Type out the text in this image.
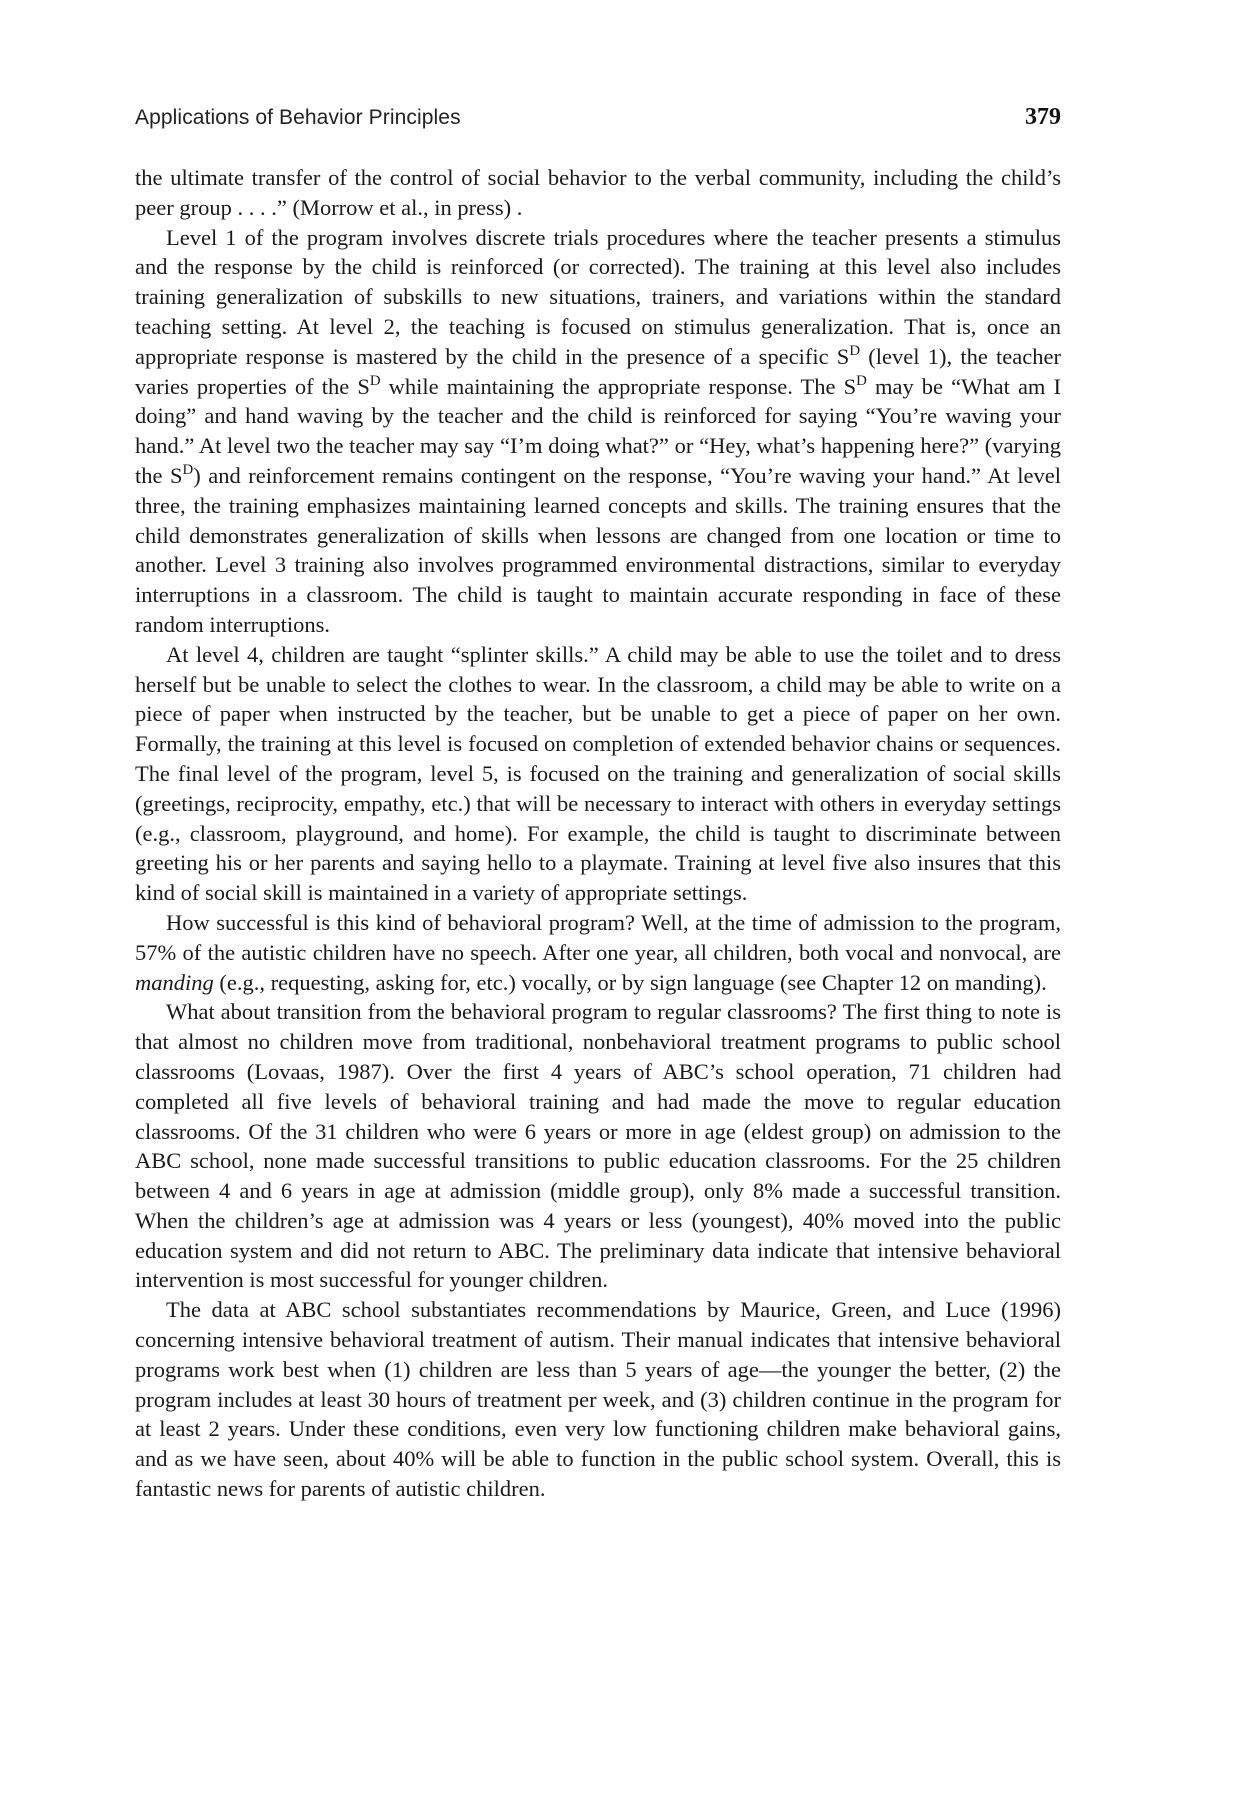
Applications of Behavior Principles	379

the ultimate transfer of the control of social behavior to the verbal community, including the child’s peer group . . . .” (Morrow et al., in press) .

Level 1 of the program involves discrete trials procedures where the teacher presents a stimulus and the response by the child is reinforced (or corrected). The training at this level also includes training generalization of subskills to new situations, trainers, and variations within the standard teaching setting. At level 2, the teaching is focused on stimulus generalization. That is, once an appropriate response is mastered by the child in the presence of a specific $S^D$ (level 1), the teacher varies properties of the $S^D$ while maintaining the appropriate response. The $S^D$ may be “What am I doing” and hand waving by the teacher and the child is reinforced for saying “You’re waving your hand.” At level two the teacher may say “I’m doing what?” or “Hey, what’s happening here?” (varying the $S^D$) and reinforcement remains contingent on the response, “You’re waving your hand.” At level three, the training emphasizes maintaining learned concepts and skills. The training ensures that the child demonstrates generalization of skills when lessons are changed from one location or time to another. Level 3 training also involves programmed environmental distractions, similar to everyday interruptions in a classroom. The child is taught to maintain accurate responding in face of these random interruptions.

At level 4, children are taught “splinter skills.” A child may be able to use the toilet and to dress herself but be unable to select the clothes to wear. In the classroom, a child may be able to write on a piece of paper when instructed by the teacher, but be unable to get a piece of paper on her own. Formally, the training at this level is focused on completion of extended behavior chains or sequences. The final level of the program, level 5, is focused on the training and generalization of social skills (greetings, reciprocity, empathy, etc.) that will be necessary to interact with others in everyday settings (e.g., classroom, playground, and home). For example, the child is taught to discriminate between greeting his or her parents and saying hello to a playmate. Training at level five also insures that this kind of social skill is maintained in a variety of appropriate settings.

How successful is this kind of behavioral program? Well, at the time of admission to the program, 57% of the autistic children have no speech. After one year, all children, both vocal and nonvocal, are manding (e.g., requesting, asking for, etc.) vocally, or by sign language (see Chapter 12 on manding).

What about transition from the behavioral program to regular classrooms? The first thing to note is that almost no children move from traditional, nonbehavioral treatment programs to public school classrooms (Lovaas, 1987). Over the first 4 years of ABC’s school operation, 71 children had completed all five levels of behavioral training and had made the move to regular education classrooms. Of the 31 children who were 6 years or more in age (eldest group) on admission to the ABC school, none made successful transitions to public education classrooms. For the 25 children between 4 and 6 years in age at admission (middle group), only 8% made a successful transition. When the children’s age at admission was 4 years or less (youngest), 40% moved into the public education system and did not return to ABC. The preliminary data indicate that intensive behavioral intervention is most successful for younger children.

The data at ABC school substantiates recommendations by Maurice, Green, and Luce (1996) concerning intensive behavioral treatment of autism. Their manual indicates that intensive behavioral programs work best when (1) children are less than 5 years of age—the younger the better, (2) the program includes at least 30 hours of treatment per week, and (3) children continue in the program for at least 2 years. Under these conditions, even very low functioning children make behavioral gains, and as we have seen, about 40% will be able to function in the public school system. Overall, this is fantastic news for parents of autistic children.
